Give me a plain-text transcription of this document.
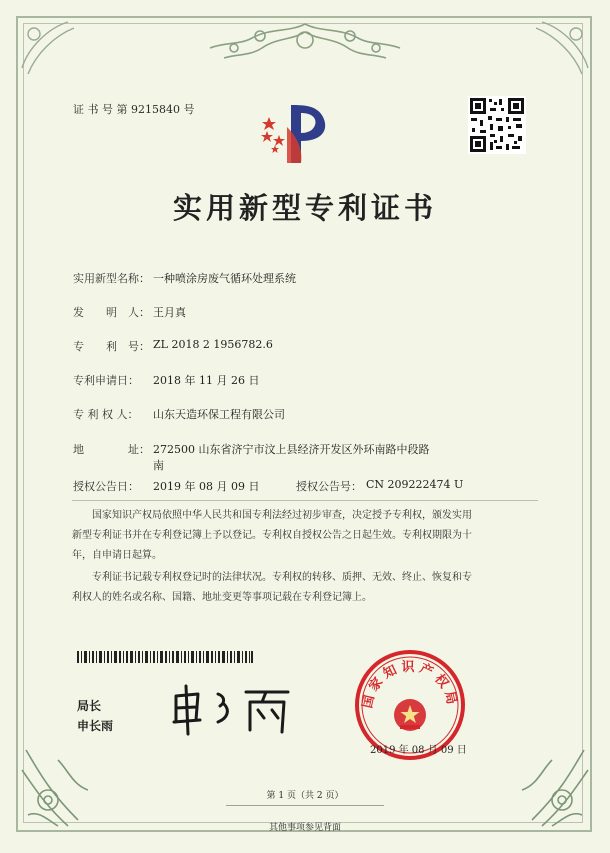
证 书 号 第 9215840 号
实用新型专利证书
实用新型名称： 一种喷涂房废气循环处理系统
发　　明　人： 王月真
专　　利　号： ZL 2018 2 1956782.6
专利申请日： 2018 年 11 月 26 日
专 利 权 人： 山东天造环保工程有限公司
地　　　　址： 272500 山东省济宁市汶上县经济开发区外环南路中段路
南
授权公告日： 2019 年 08 月 09 日	授权公告号： CN 209222474 U
国家知识产权局依照中华人民共和国专利法经过初步审查，决定授予专利权，颁发实用
新型专利证书并在专利登记簿上予以登记。专利权自授权公告之日起生效。专利权期限为十
年，自申请日起算。
专利证书记载专利权登记时的法律状况。专利权的转移、质押、无效、终止、恢复和专
利权人的姓名或名称、国籍、地址变更等事项记载在专利登记簿上。
局长
申长雨
国家知识产权局
2019 年 08 月 09 日
第 1 页（共 2 页）
其他事项参见背面
